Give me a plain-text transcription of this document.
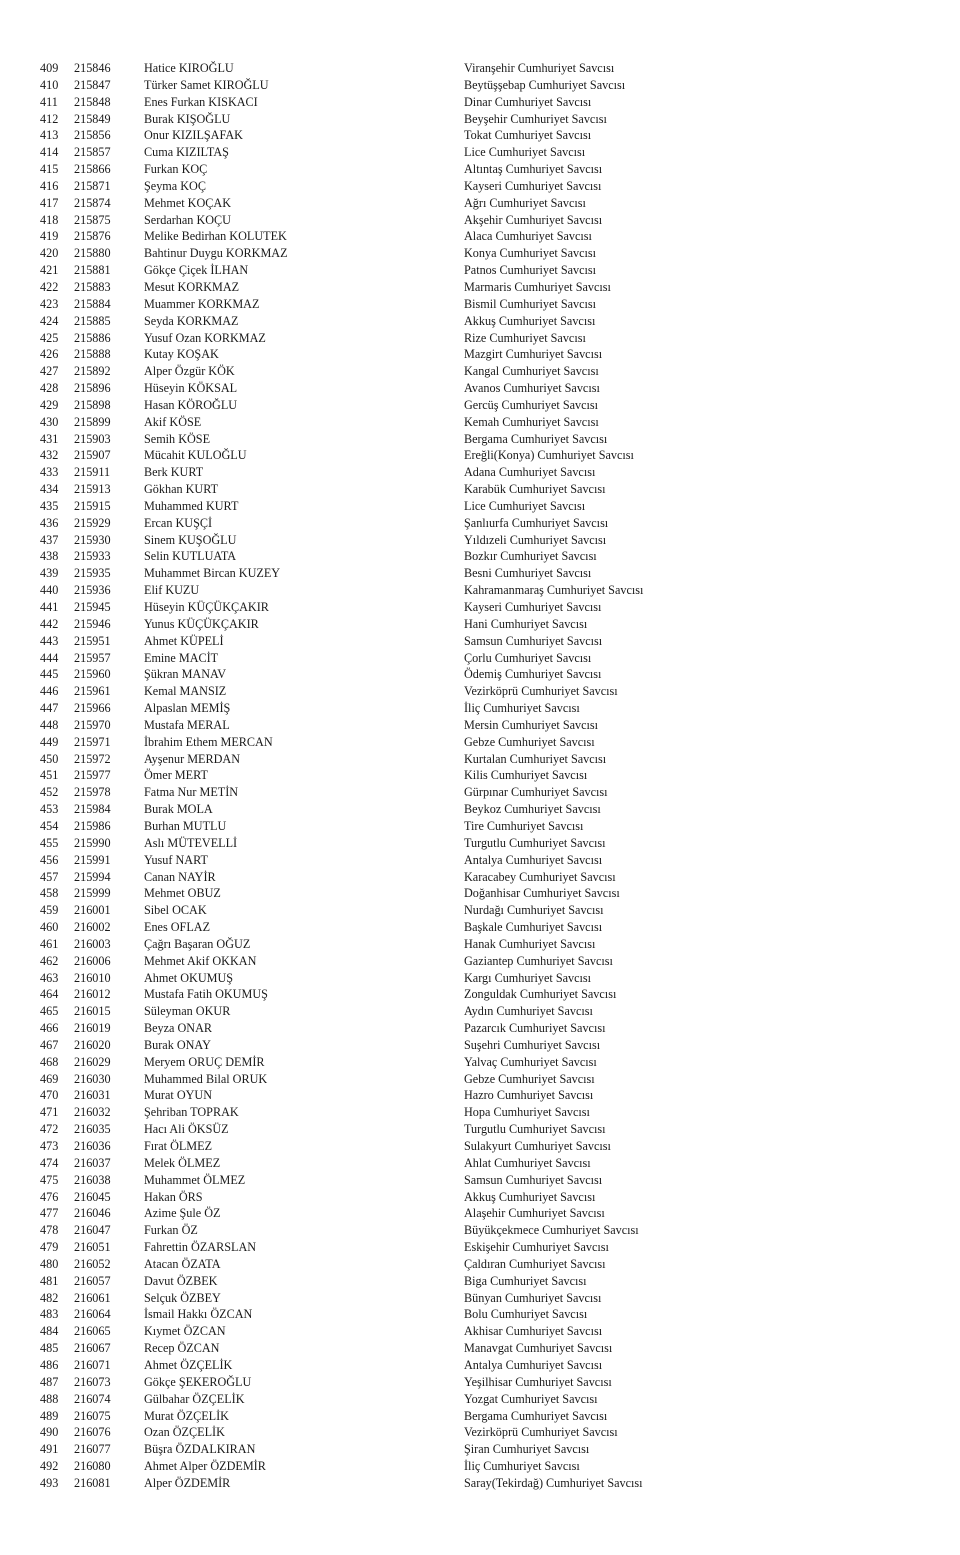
409 215846	Hatice KIROĞLU	Viranşehir Cumhuriyet Savcısı
410 215847	Türker Samet KIROĞLU	Beytüşşebap Cumhuriyet Savcısı
411 215848	Enes Furkan KISKACI	Dinar Cumhuriyet Savcısı
412 215849	Burak KIŞOĞLU	Beyşehir Cumhuriyet Savcısı
413 215856	Onur KIZILŞAFAK	Tokat Cumhuriyet Savcısı
414 215857	Cuma KIZILTAŞ	Lice Cumhuriyet Savcısı
415 215866	Furkan KOÇ	Altıntaş Cumhuriyet Savcısı
416 215871	Şeyma KOÇ	Kayseri Cumhuriyet Savcısı
417 215874	Mehmet KOÇAK	Ağrı Cumhuriyet Savcısı
418 215875	Serdarhan KOÇU	Akşehir Cumhuriyet Savcısı
419 215876	Melike Bedirhan KOLUTEK	Alaca Cumhuriyet Savcısı
420 215880	Bahtinur Duygu KORKMAZ	Konya Cumhuriyet Savcısı
421 215881	Gökçe Çiçek İLHAN	Patnos Cumhuriyet Savcısı
422 215883	Mesut KORKMAZ	Marmaris Cumhuriyet Savcısı
423 215884	Muammer KORKMAZ	Bismil Cumhuriyet Savcısı
424 215885	Seyda KORKMAZ	Akkuş Cumhuriyet Savcısı
425 215886	Yusuf Ozan KORKMAZ	Rize Cumhuriyet Savcısı
426 215888	Kutay KOŞAK	Mazgirt Cumhuriyet Savcısı
427 215892	Alper Özgür KÖK	Kangal Cumhuriyet Savcısı
428 215896	Hüseyin KÖKSAL	Avanos Cumhuriyet Savcısı
429 215898	Hasan KÖROĞLU	Gercüş Cumhuriyet Savcısı
430 215899	Akif KÖSE	Kemah Cumhuriyet Savcısı
431 215903	Semih KÖSE	Bergama Cumhuriyet Savcısı
432 215907	Mücahit KULOĞLU	Ereğli(Konya) Cumhuriyet Savcısı
433 215911	Berk KURT	Adana Cumhuriyet Savcısı
434 215913	Gökhan KURT	Karabük Cumhuriyet Savcısı
435 215915	Muhammed KURT	Lice Cumhuriyet Savcısı
436 215929	Ercan KUŞÇİ	Şanlıurfa Cumhuriyet Savcısı
437 215930	Sinem KUŞOĞLU	Yıldızeli Cumhuriyet Savcısı
438 215933	Selin KUTLUATA	Bozkır Cumhuriyet Savcısı
439 215935	Muhammet Bircan KUZEY	Besni Cumhuriyet Savcısı
440 215936	Elif KUZU	Kahramanmaraş Cumhuriyet Savcısı
441 215945	Hüseyin KÜÇÜKÇAKIR	Kayseri Cumhuriyet Savcısı
442 215946	Yunus KÜÇÜKÇAKIR	Hani Cumhuriyet Savcısı
443 215951	Ahmet KÜPELİ	Samsun Cumhuriyet Savcısı
444 215957	Emine MACİT	Çorlu Cumhuriyet Savcısı
445 215960	Şükran MANAV	Ödemiş Cumhuriyet Savcısı
446 215961	Kemal MANSIZ	Vezirköprü Cumhuriyet Savcısı
447 215966	Alpaslan MEMİŞ	İliç Cumhuriyet Savcısı
448 215970	Mustafa MERAL	Mersin Cumhuriyet Savcısı
449 215971	İbrahim Ethem MERCAN	Gebze Cumhuriyet Savcısı
450 215972	Ayşenur MERDAN	Kurtalan Cumhuriyet Savcısı
451 215977	Ömer MERT	Kilis Cumhuriyet Savcısı
452 215978	Fatma Nur METİN	Gürpınar Cumhuriyet Savcısı
453 215984	Burak MOLA	Beykoz Cumhuriyet Savcısı
454 215986	Burhan MUTLU	Tire Cumhuriyet Savcısı
455 215990	Aslı MÜTEVELLİ	Turgutlu Cumhuriyet Savcısı
456 215991	Yusuf NART	Antalya Cumhuriyet Savcısı
457 215994	Canan NAYİR	Karacabey Cumhuriyet Savcısı
458 215999	Mehmet OBUZ	Doğanhisar Cumhuriyet Savcısı
459 216001	Sibel OCAK	Nurdağı Cumhuriyet Savcısı
460 216002	Enes OFLAZ	Başkale Cumhuriyet Savcısı
461 216003	Çağrı Başaran OĞUZ	Hanak Cumhuriyet Savcısı
462 216006	Mehmet Akif OKKAN	Gaziantep Cumhuriyet Savcısı
463 216010	Ahmet OKUMUŞ	Kargı Cumhuriyet Savcısı
464 216012	Mustafa Fatih OKUMUŞ	Zonguldak Cumhuriyet Savcısı
465 216015	Süleyman OKUR	Aydın Cumhuriyet Savcısı
466 216019	Beyza ONAR	Pazarcık Cumhuriyet Savcısı
467 216020	Burak ONAY	Suşehri Cumhuriyet Savcısı
468 216029	Meryem ORUÇ DEMİR	Yalvaç Cumhuriyet Savcısı
469 216030	Muhammed Bilal ORUK	Gebze Cumhuriyet Savcısı
470 216031	Murat OYUN	Hazro Cumhuriyet Savcısı
471 216032	Şehriban TOPRAK	Hopa Cumhuriyet Savcısı
472 216035	Hacı Ali ÖKSÜZ	Turgutlu Cumhuriyet Savcısı
473 216036	Fırat ÖLMEZ	Sulakyurt Cumhuriyet Savcısı
474 216037	Melek ÖLMEZ	Ahlat Cumhuriyet Savcısı
475 216038	Muhammet ÖLMEZ	Samsun Cumhuriyet Savcısı
476 216045	Hakan ÖRS	Akkuş Cumhuriyet Savcısı
477 216046	Azime Şule ÖZ	Alaşehir Cumhuriyet Savcısı
478 216047	Furkan ÖZ	Büyükçekmece Cumhuriyet Savcısı
479 216051	Fahrettin ÖZARSLAN	Eskişehir Cumhuriyet Savcısı
480 216052	Atacan ÖZATA	Çaldıran Cumhuriyet Savcısı
481 216057	Davut ÖZBEK	Biga Cumhuriyet Savcısı
482 216061	Selçuk ÖZBEY	Bünyan Cumhuriyet Savcısı
483 216064	İsmail Hakkı ÖZCAN	Bolu Cumhuriyet Savcısı
484 216065	Kıymet ÖZCAN	Akhisar Cumhuriyet Savcısı
485 216067	Recep ÖZCAN	Manavgat Cumhuriyet Savcısı
486 216071	Ahmet ÖZÇELİK	Antalya Cumhuriyet Savcısı
487 216073	Gökçe ŞEKEROĞLU	Yeşilhisar Cumhuriyet Savcısı
488 216074	Gülbahar ÖZÇELİK	Yozgat Cumhuriyet Savcısı
489 216075	Murat ÖZÇELİK	Bergama Cumhuriyet Savcısı
490 216076	Ozan ÖZÇELİK	Vezirköprü Cumhuriyet Savcısı
491 216077	Büşra ÖZDALKIRAN	Şiran Cumhuriyet Savcısı
492 216080	Ahmet Alper ÖZDEMİR	İliç Cumhuriyet Savcısı
493 216081	Alper ÖZDEMİR	Saray(Tekirdağ) Cumhuriyet Savcısı
